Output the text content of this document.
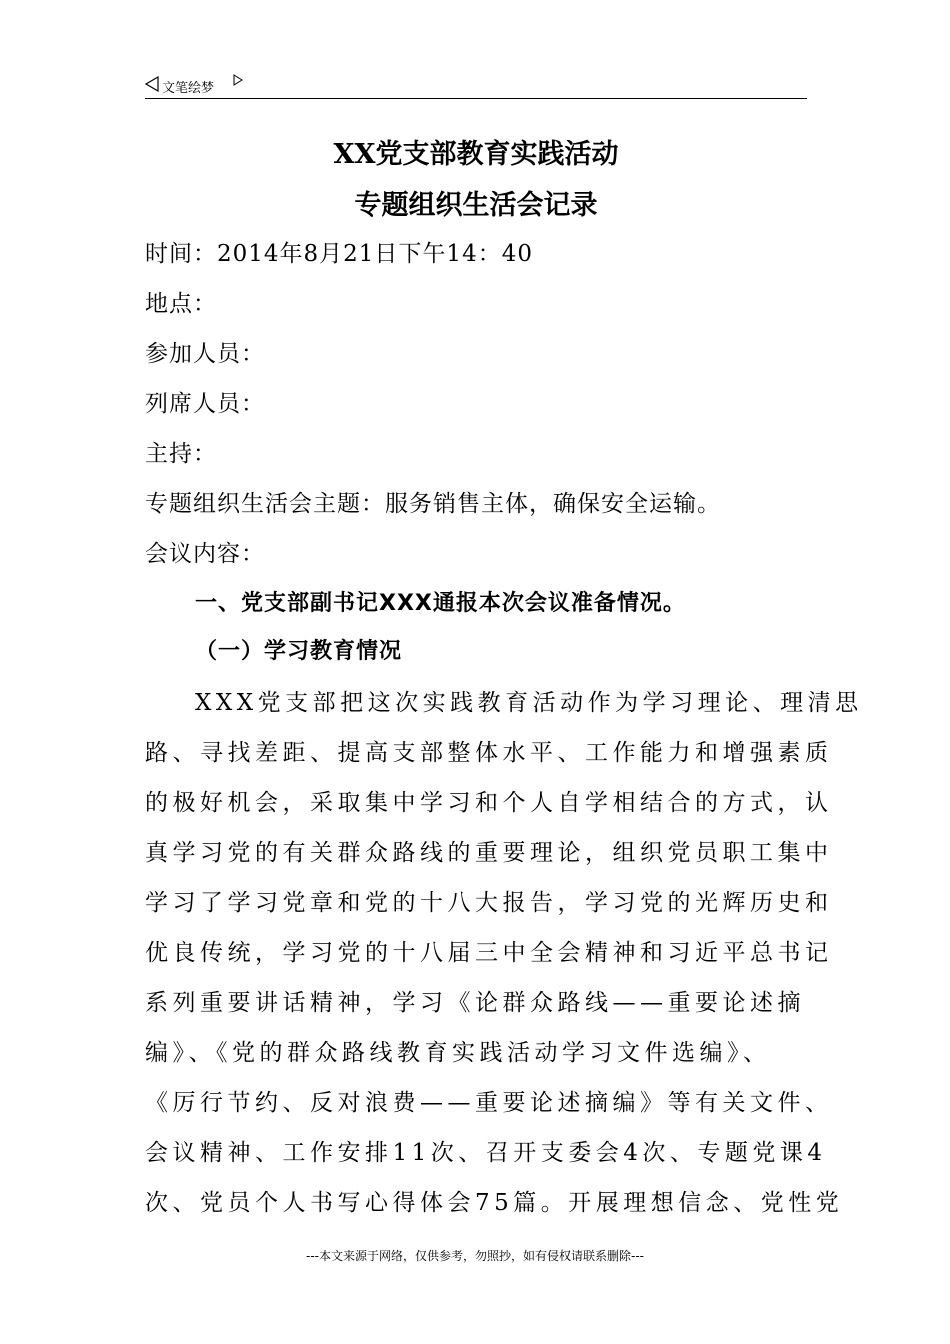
文笔绘梦
XX党支部教育实践活动
专题组织生活会记录
时间：2014年8月21日下午14：40
地点：
参加人员：
列席人员：
主持：
专题组织生活会主题：服务销售主体，确保安全运输。
会议内容：
一、党支部副书记XXX通报本次会议准备情况。
（一）学习教育情况
XXX党支部把这次实践教育活动作为学习理论、理清思
路、寻找差距、提高支部整体水平、工作能力和增强素质
的极好机会，采取集中学习和个人自学相结合的方式，认
真学习党的有关群众路线的重要理论，组织党员职工集中
学习了学习党章和党的十八大报告，学习党的光辉历史和
优良传统，学习党的十八届三中全会精神和习近平总书记
系列重要讲话精神，学习《论群众路线——重要论述摘
编》、《党的群众路线教育实践活动学习文件选编》、
《厉行节约、反对浪费——重要论述摘编》等有关文件、
会议精神、工作安排11次、召开支委会4次、专题党课4
次、党员个人书写心得体会75篇。开展理想信念、党性党
---本文来源于网络，仅供参考，勿照抄，如有侵权请联系删除---
